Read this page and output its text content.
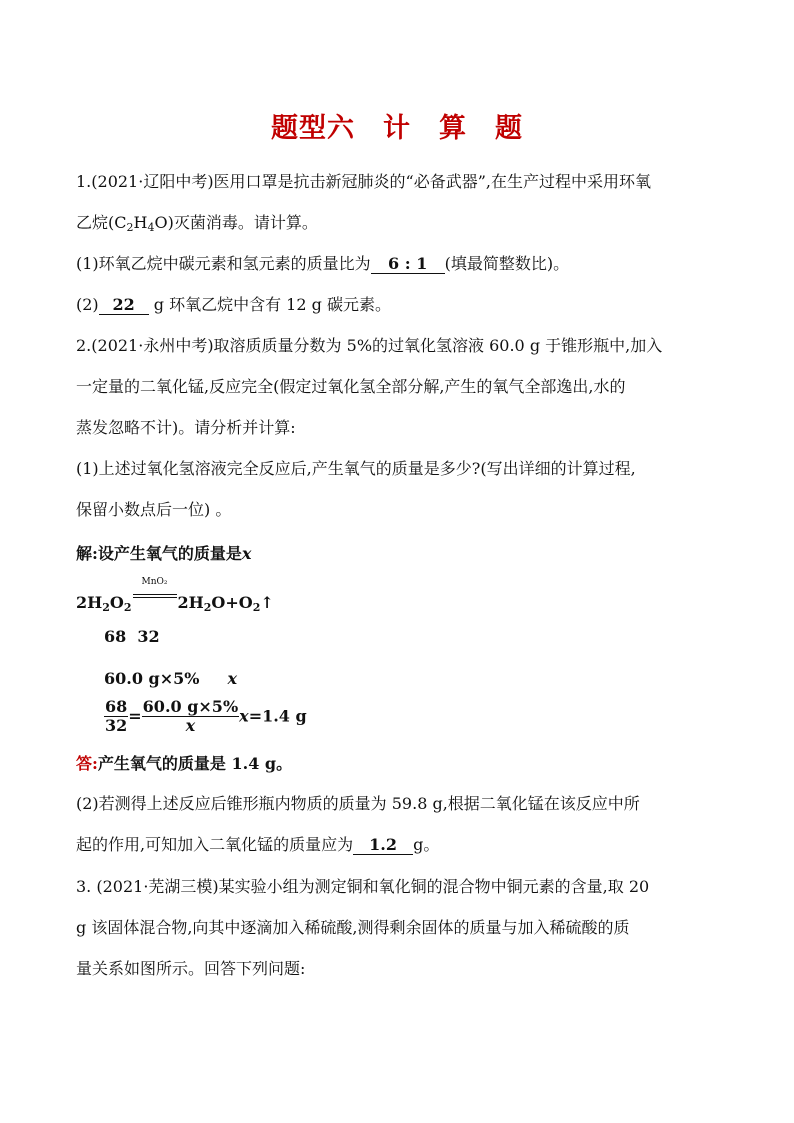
题型六　计　算　题
1.(2021·辽阳中考)医用口罩是抗击新冠肺炎的“必备武器”,在生产过程中采用环氧
乙烷$(C_2H_4O)$灭菌消毒。请计算。
(1)环氧乙烷中碳元素和氢元素的质量比为 6 : 1 (填最简整数比)。
(2) 22 g 环氧乙烷中含有 12 g 碳元素。
2.(2021·永州中考)取溶质质量分数为 5%的过氧化氢溶液 60.0 g 于锥形瓶中,加入
一定量的二氧化锰,反应完全(假定过氧化氢全部分解,产生的氧气全部逸出,水的
蒸发忽略不计)。请分析并计算:
(1)上述过氧化氢溶液完全反应后,产生氧气的质量是多少?(写出详细的计算过程,
保留小数点后一位) 。
解:设产生氧气的质量是x
$2H_2O_2$
MnO₂
$2H_2O+O_2↑$
68  32
60.0 g×5% x
$\frac{68}{32} = \frac{60.0 g\times 5\%}{x} x=1.4$ g
答:产生氧气的质量是 1.4 g。
(2)若测得上述反应后锥形瓶内物质的质量为 59.8 g,根据二氧化锰在该反应中所
起的作用,可知加入二氧化锰的质量应为 1.2 g。
3. (2021·芜湖三模)某实验小组为测定铜和氧化铜的混合物中铜元素的含量,取 20
g 该固体混合物,向其中逐滴加入稀硫酸,测得剩余固体的质量与加入稀硫酸的质
量关系如图所示。回答下列问题:
